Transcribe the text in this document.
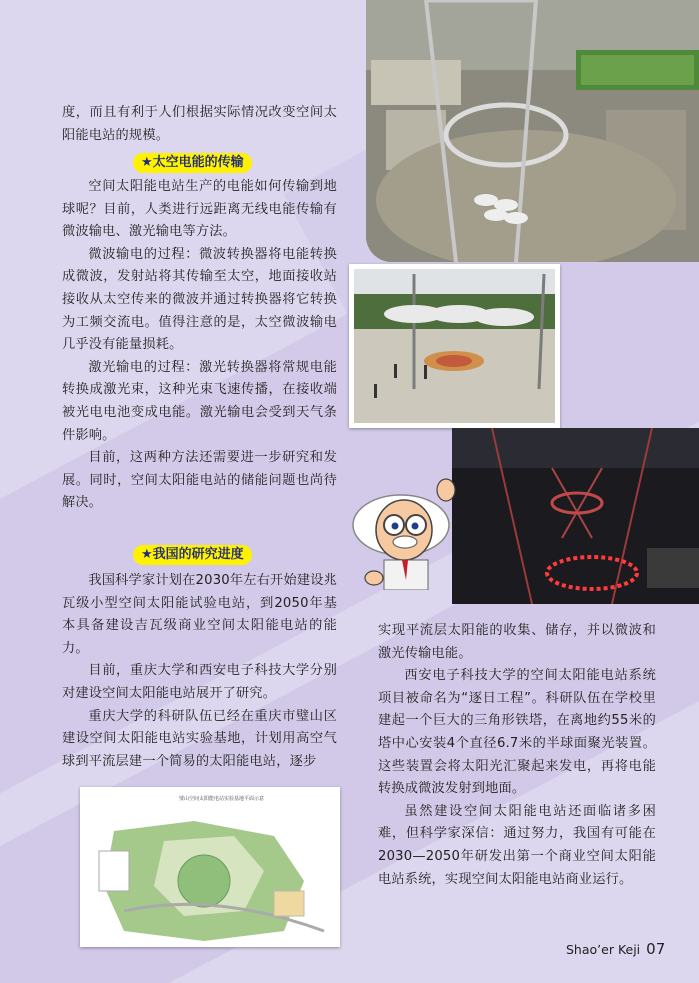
度，而且有利于人们根据实际情况改变空间太阳能电站的规模。

★太空电能的传输

空间太阳能电站生产的电能如何传输到地球呢？目前，人类进行远距离无线电能传输有微波输电、激光输电等方法。

微波输电的过程：微波转换器将电能转换成微波，发射站将其传输至太空，地面接收站接收从太空传来的微波并通过转换器将它转换为工频交流电。值得注意的是，太空微波输电几乎没有能量损耗。

激光输电的过程：激光转换器将常规电能转换成激光束，这种光束飞速传播，在接收端被光电电池变成电能。激光输电会受到天气条件影响。

目前，这两种方法还需要进一步研究和发展。同时，空间太阳能电站的储能问题也尚待解决。

★我国的研究进度

我国科学家计划在2030年左右开始建设兆瓦级小型空间太阳能试验电站，到2050年基本具备建设吉瓦级商业空间太阳能电站的能力。

目前，重庆大学和西安电子科技大学分别对建设空间太阳能电站展开了研究。

重庆大学的科研队伍已经在重庆市璧山区建设空间太阳能电站实验基地，计划用高空气球到平流层建一个简易的太阳能电站，逐步

实现平流层太阳能的收集、储存，并以微波和激光传输电能。

西安电子科技大学的空间太阳能电站系统项目被命名为“逐日工程”。科研队伍在学校里建起一个巨大的三角形铁塔，在离地约55米的塔中心安装4个直径6.7米的半球面聚光装置。这些装置会将太阳光汇聚起来发电，再将电能转换成微波发射到地面。

虽然建设空间太阳能电站还面临诸多困难，但科学家深信：通过努力，我国有可能在2030—2050年研发出第一个商业空间太阳能电站系统，实现空间太阳能电站商业运行。

璧山空间太阳能电站实验基地平面示意
Shao’er Keji 07
